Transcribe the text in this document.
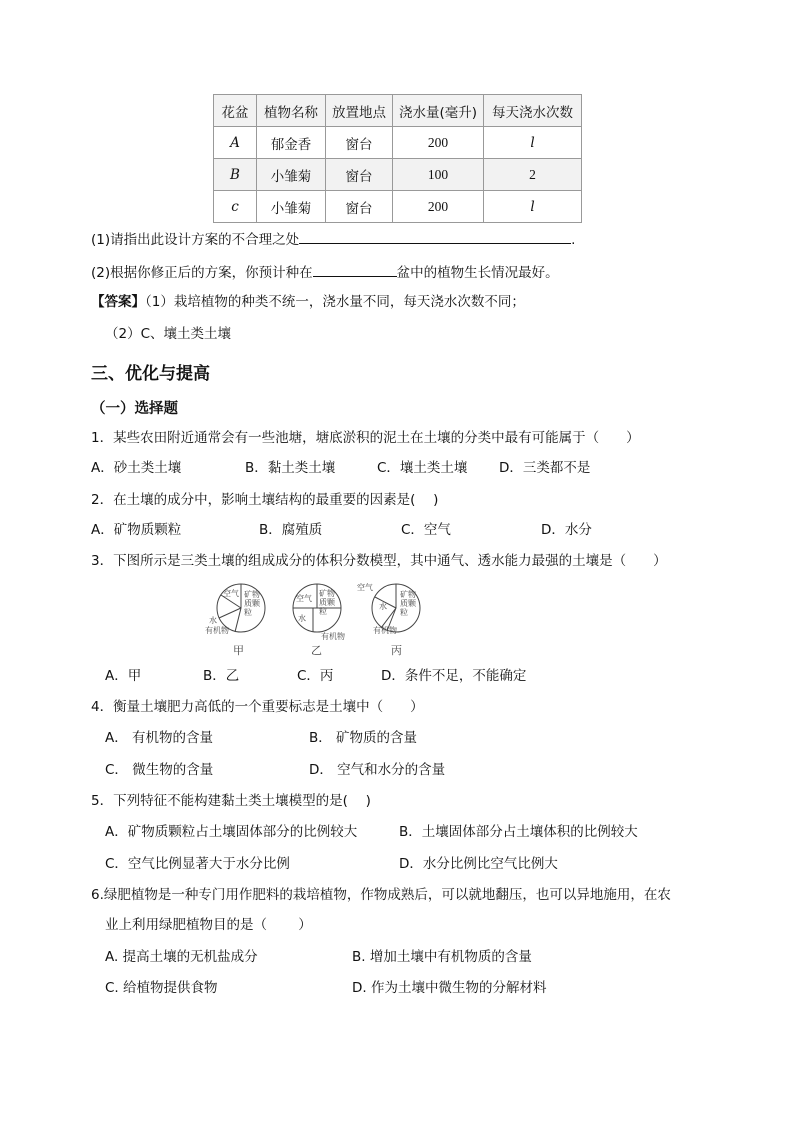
花盆	植物名称	放置地点	浇水量(毫升)	每天浇水次数
A	郁金香	窗台	200	l
B	小雏菊	窗台	100	2
c	小雏菊	窗台	200	l
(1)请指出此设计方案的不合理之处	.
(2)根据你修正后的方案，你预计种在	盆中的植物生长情况最好。
【答案】（1）栽培植物的种类不统一，浇水量不同，每天浇水次数不同；
（2）C、壤土类土壤
三、优化与提高
（一）选择题
1．某些农田附近通常会有一些池塘，塘底淤积的泥土在土壤的分类中最有可能属于（　　）
A．砂土类土壤	B．黏土类土壤	C．壤土类土壤 D．三类都不是
2．在土壤的成分中，影响土壤结构的最重要的因素是(　 )
A．矿物质颗粒	B．腐殖质	C．空气	D．水分
3．下图所示是三类土壤的组成成分的体积分数模型，其中通气、透水能力最强的土壤是（　　）
空气 矿物质颗粒
水
有机物
空气
矿物质颗粒
水
有机物
空气
矿物质颗粒
水
有机物
甲	乙	丙
A．甲	B．乙	C．丙	D．条件不足，不能确定
4．衡量土壤肥力高低的一个重要标志是土壤中（　　）
A． 有机物的含量	B． 矿物质的含量
C． 微生物的含量	D． 空气和水分的含量
5．下列特征不能构建黏土类土壤模型的是(　 )
A．矿物质颗粒占土壤固体部分的比例较大	B．土壤固体部分占土壤体积的比例较大
C．空气比例显著大于水分比例	D．水分比例比空气比例大
6.绿肥植物是一种专门用作肥料的栽培植物，作物成熟后，可以就地翻压，也可以异地施用，在农
业上利用绿肥植物目的是（　　 ）
A. 提高土壤的无机盐成分	B. 增加土壤中有机物质的含量
C. 给植物提供食物	D. 作为土壤中微生物的分解材料
